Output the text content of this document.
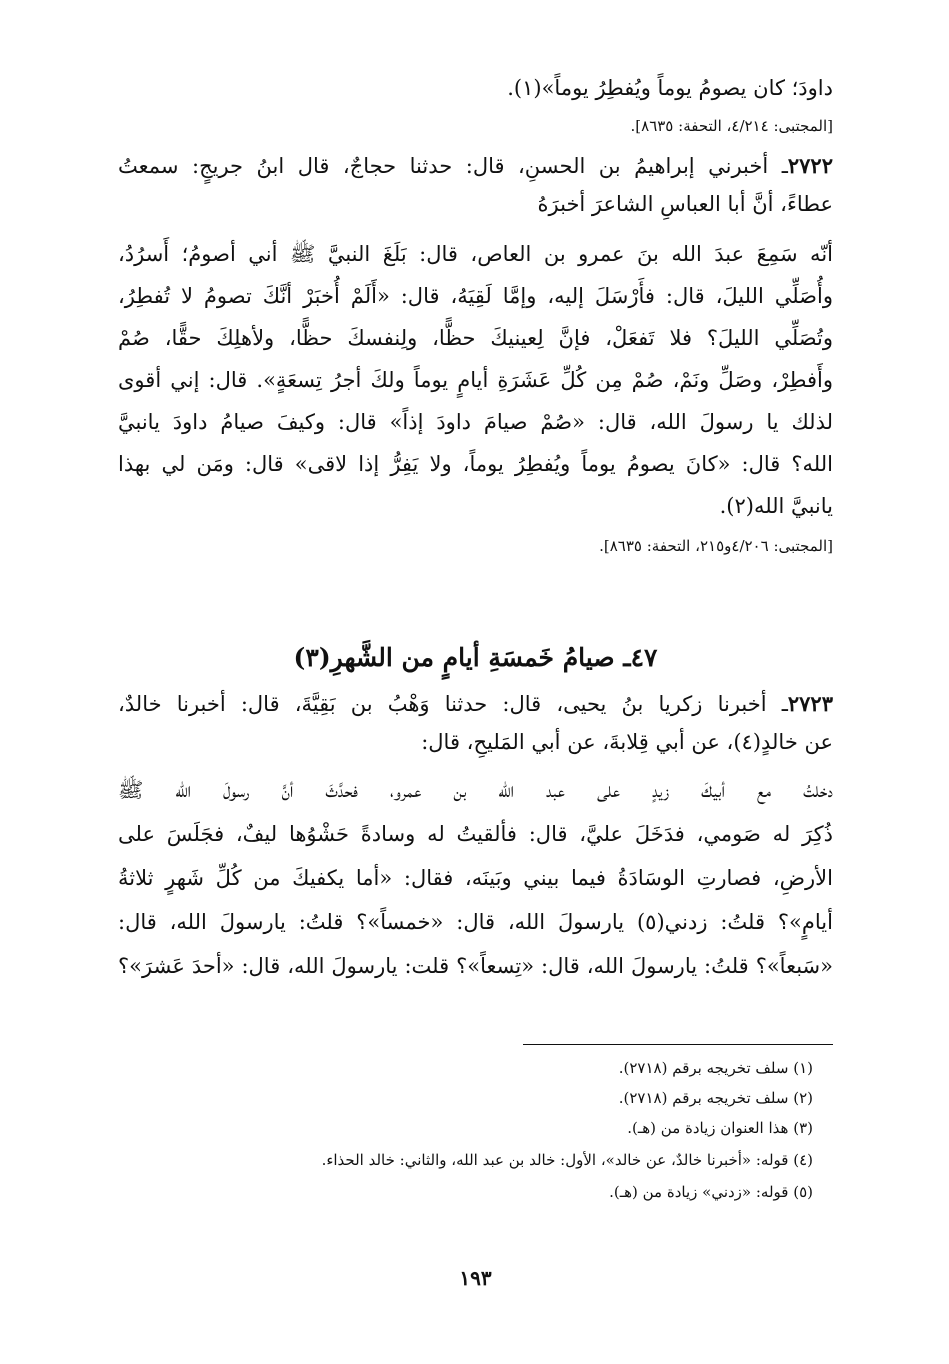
داودَ؛ كان يصومُ يوماً ويُفطِرُ يوماً»(١).
[المجتبى: ٤/٢١٤، التحفة: ٨٦٣٥].
٢٧٢٢ـ أخبرني إبراهيمُ بن الحسنِ، قال: حدثنا حجاجٌ، قال ابنُ جريجٍ: سمعتُ
عطاءً، أنَّ أبا العباسِ الشاعرَ أخبرَهُ
أنّه سَمِعَ عبدَ الله بنَ عمرو بن العاص، قال: بَلَغَ النبيَّ ﷺ أني أصومُ؛ أَسرُدُ،
وأُصَلِّي الليلَ، قال: فأَرْسَلَ إليه، وإمَّا لَقِيَهُ، قال: «أَلَمْ أُخبَرْ أنَّكَ تصومُ لا تُفطِرُ،
وتُصَلِّي الليلَ؟ فلا تَفعَلْ، فإنَّ لِعينيكَ حظًّا، ولِنفسكَ حظًّا، ولأهلِكَ حقًّا، صُمْ
وأَفطِرْ، وصَلِّ ونَمْ، صُمْ مِن كُلِّ عَشَرَةِ أيامٍ يوماً ولكَ أجرُ تِسعَةٍ». قال: إني أقوى
لذلك يا رسولَ الله، قال: «صُمْ صيامَ داودَ إذاً» قال: وكيفَ صيامُ داودَ يانبيَّ
الله؟ قال: «كانَ يصومُ يوماً ويُفطِرُ يوماً، ولا يَفِرُّ إذا لاقى» قال: ومَن لي بهذا
يانبيَّ الله(٢).
[المجتبى: ٤/٢٠٦و٢١٥، التحفة: ٨٦٣٥].
٤٧ـ صيامُ خَمسَةِ أيامٍ من الشَّهرِ(٣)
٢٧٢٣ـ أخبرنا زكريا بنُ يحيى، قال: حدثنا وَهْبُ بن بَقِيَّةَ، قال: أخبرنا خالدٌ،
عن خالدٍ(٤)، عن أبي قِلابةَ، عن أبي المَليحِ، قال:
دخلتُ مع أبيكَ زيدٍ على عبد الله بن عمرو، فحدَّثَ أنَّ رسولَ الله ﷺ
ذُكِرَ له صَومي، فدَخَلَ عليَّ، قال: فألقيتُ له وسادةً حَشْوُها ليفٌ، فجَلَسَ على
الأرضِ، فصارتِ الوسَادَةُ فيما بيني وبَينَه، فقال: «أما يكفيكَ من كُلِّ شَهرٍ ثلاثةُ
أيامٍ»؟ قلتُ: زدني(٥) يارسولَ الله، قال: «خمساً»؟ قلتُ: يارسولَ الله، قال:
«سَبعاً»؟ قلتُ: يارسولَ الله، قال: «تِسعاً»؟ قلت: يارسولَ الله، قال: «أحدَ عَشرَ»؟
(١) سلف تخريجه برقم (٢٧١٨).
(٢) سلف تخريجه برقم (٢٧١٨).
(٣) هذا العنوان زيادة من (هـ).
(٤) قوله: «أخبرنا خالدٌ، عن خالد»، الأول: خالد بن عبد الله، والثاني: خالد الحذاء.
(٥) قوله: «زدني» زيادة من (هـ).
١٩٣
